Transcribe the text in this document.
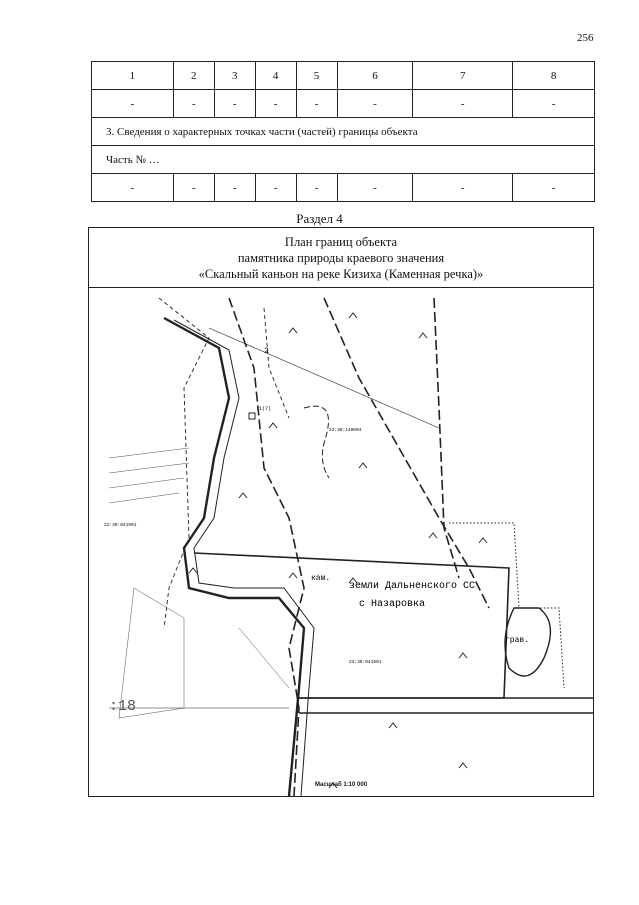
256
1	2	3	4	5	6	7	8
-	-	-	-	-	-	-	-
3. Сведения о характерных точках части (частей) границы объекта							
Часть № …							
-	-	-	-	-	-	-	-
Раздел 4
План границ объекта
памятника природы краевого значения
«Скальный каньон на реке Кизиха (Каменная речка)»
1(7)
2
земли Дальненского СС
с Назаровка
кам.
грав.
:18
22:39:140004
22:39:041901
22:39:041901
Масштаб 1:10 000
